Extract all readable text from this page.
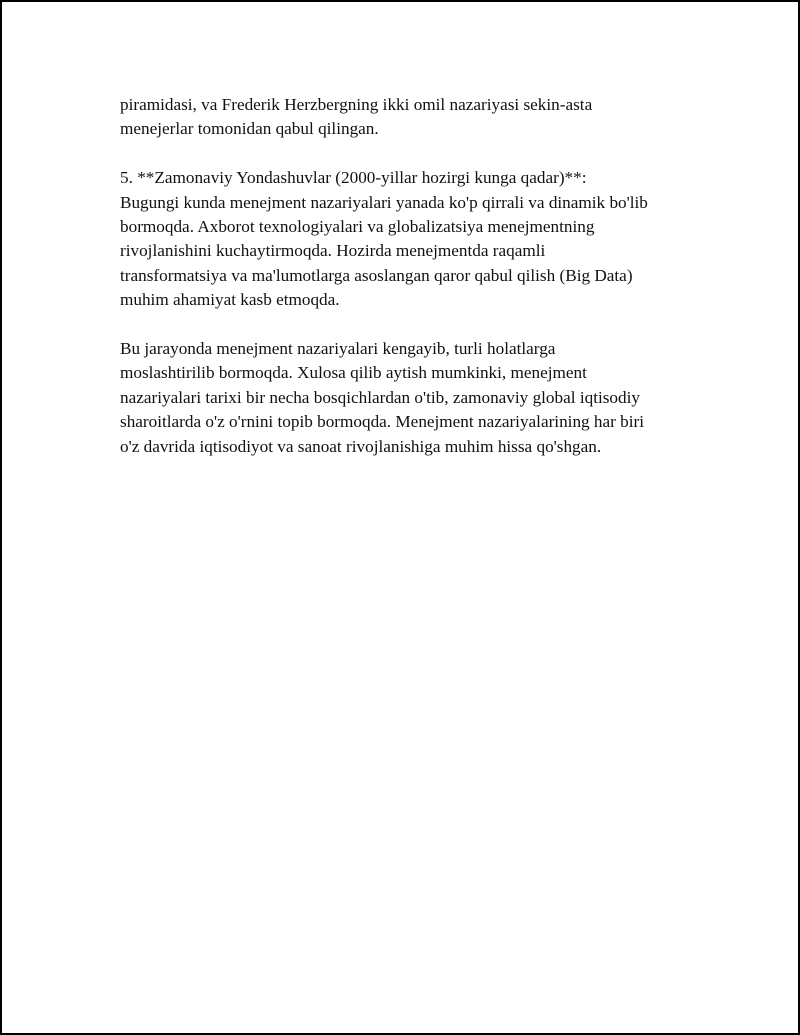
piramidasi, va Frederik Herzbergning ikki omil nazariyasi sekin-asta
menejerlar tomonidan qabul qilingan.

5. **Zamonaviy Yondashuvlar (2000-yillar hozirgi kunga qadar)**:
Bugungi kunda menejment nazariyalari yanada ko'p qirrali va dinamik bo'lib
bormoqda. Axborot texnologiyalari va globalizatsiya menejmentning
rivojlanishini kuchaytirmoqda. Hozirda menejmentda raqamli
transformatsiya va ma'lumotlarga asoslangan qaror qabul qilish (Big Data)
muhim ahamiyat kasb etmoqda.

Bu jarayonda menejment nazariyalari kengayib, turli holatlarga
moslashtirilib bormoqda. Xulosa qilib aytish mumkinki, menejment
nazariyalari tarixi bir necha bosqichlardan o'tib, zamonaviy global iqtisodiy
sharoitlarda o'z o'rnini topib bormoqda. Menejment nazariyalarining har biri
o'z davrida iqtisodiyot va sanoat rivojlanishiga muhim hissa qo'shgan.
